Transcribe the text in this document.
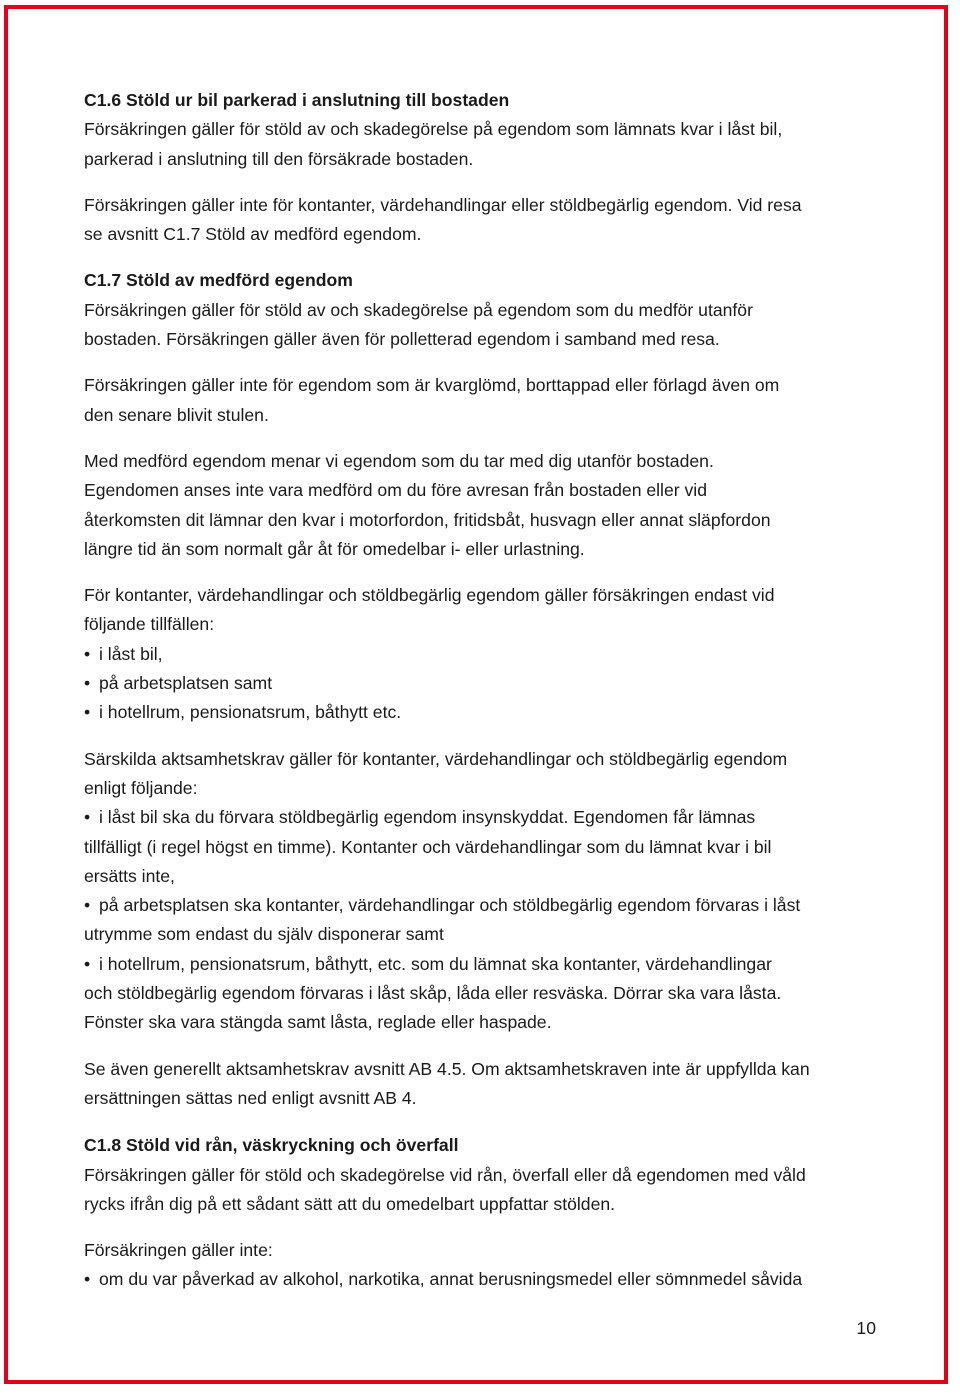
C1.6 Stöld ur bil parkerad i anslutning till bostaden
Försäkringen gäller för stöld av och skadegörelse på egendom som lämnats kvar i låst bil,
parkerad i anslutning till den försäkrade bostaden.
Försäkringen gäller inte för kontanter, värdehandlingar eller stöldbegärlig egendom. Vid resa
se avsnitt C1.7 Stöld av medförd egendom.
C1.7 Stöld av medförd egendom
Försäkringen gäller för stöld av och skadegörelse på egendom som du medför utanför
bostaden. Försäkringen gäller även för polletterad egendom i samband med resa.
Försäkringen gäller inte för egendom som är kvarglömd, borttappad eller förlagd även om
den senare blivit stulen.
Med medförd egendom menar vi egendom som du tar med dig utanför bostaden.
Egendomen anses inte vara medförd om du före avresan från bostaden eller vid
återkomsten dit lämnar den kvar i motorfordon, fritidsbåt, husvagn eller annat släpfordon
längre tid än som normalt går åt för omedelbar i- eller urlastning.
För kontanter, värdehandlingar och stöldbegärlig egendom gäller försäkringen endast vid
följande tillfällen:
• i låst bil,
• på arbetsplatsen samt
• i hotellrum, pensionatsrum, båthytt etc.
Särskilda aktsamhetskrav gäller för kontanter, värdehandlingar och stöldbegärlig egendom
enligt följande:
• i låst bil ska du förvara stöldbegärlig egendom insynskyddat. Egendomen får lämnas
tillfälligt (i regel högst en timme). Kontanter och värdehandlingar som du lämnat kvar i bil
ersätts inte,
• på arbetsplatsen ska kontanter, värdehandlingar och stöldbegärlig egendom förvaras i låst
utrymme som endast du själv disponerar samt
• i hotellrum, pensionatsrum, båthytt, etc. som du lämnat ska kontanter, värdehandlingar
och stöldbegärlig egendom förvaras i låst skåp, låda eller resväska. Dörrar ska vara låsta.
Fönster ska vara stängda samt låsta, reglade eller haspade.
Se även generellt aktsamhetskrav avsnitt AB 4.5. Om aktsamhetskraven inte är uppfyllda kan
ersättningen sättas ned enligt avsnitt AB 4.
C1.8 Stöld vid rån, väskryckning och överfall
Försäkringen gäller för stöld och skadegörelse vid rån, överfall eller då egendomen med våld
rycks ifrån dig på ett sådant sätt att du omedelbart uppfattar stölden.
Försäkringen gäller inte:
• om du var påverkad av alkohol, narkotika, annat berusningsmedel eller sömnmedel såvida
10
